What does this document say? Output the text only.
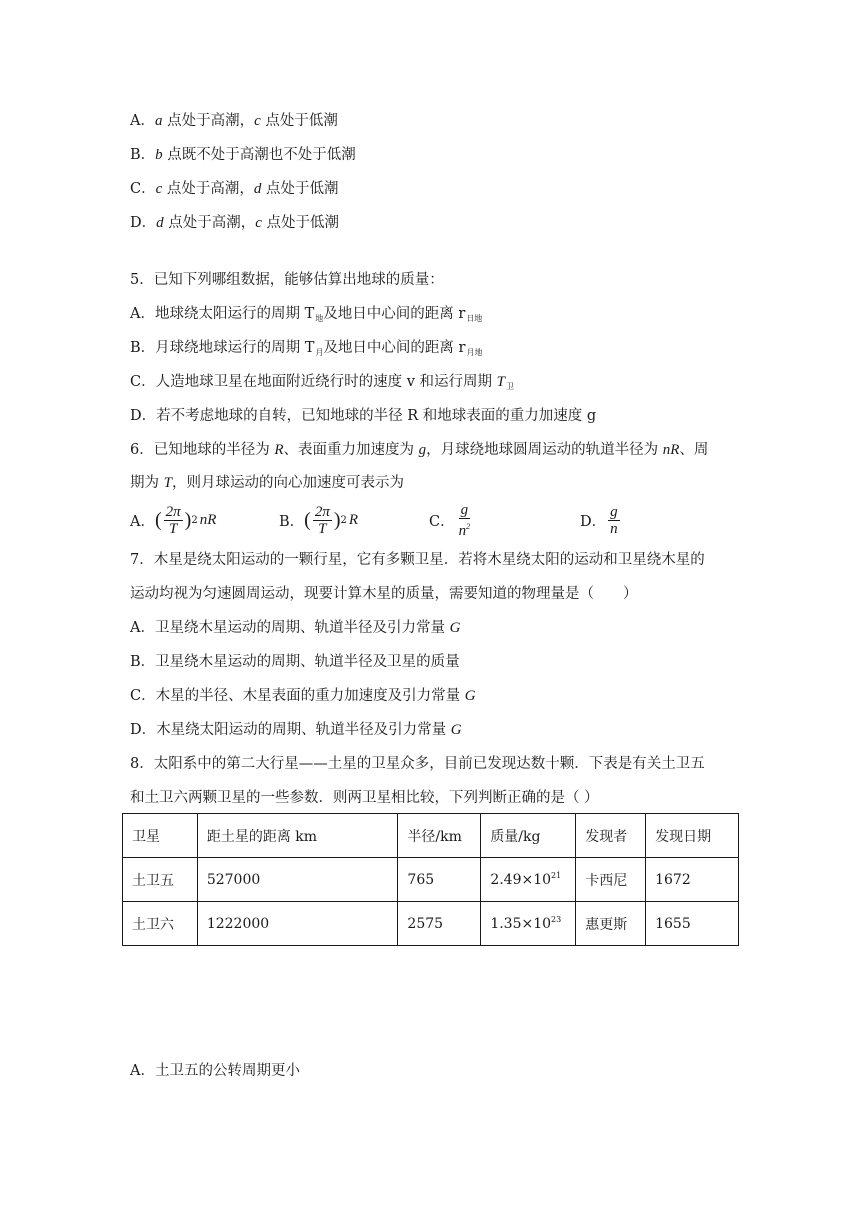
A．a 点处于高潮，c 点处于低潮
B．b 点既不处于高潮也不处于低潮
C．c 点处于高潮，d 点处于低潮
D．d 点处于高潮，c 点处于低潮
5．已知下列哪组数据，能够估算出地球的质量：
A．地球绕太阳运行的周期 $T_地$及地日中心间的距离 $r_{日地}$
B．月球绕地球运行的周期 $T_月$及地日中心间的距离 $r_{月地}$
C．人造地球卫星在地面附近绕行时的速度 v 和运行周期 $T_卫$
D．若不考虑地球的自转，已知地球的半径 R 和地球表面的重力加速度 g
6．已知地球的半径为 R、表面重力加速度为 g，月球绕地球圆周运动的轨道半径为 nR、周
期为 T，则月球运动的向心加速度可表示为
A． ( $\frac{2\pi}{T}$ ) 2 nR	B． ( $\frac{2\pi}{T}$ ) 2 R	C． $\frac{g}{n^2}$	D． $\frac{g}{n}$
7．木星是绕太阳运动的一颗行星，它有多颗卫星．若将木星绕太阳的运动和卫星绕木星的
运动均视为匀速圆周运动，现要计算木星的质量，需要知道的物理量是（　　）
A．卫星绕木星运动的周期、轨道半径及引力常量 G
B．卫星绕木星运动的周期、轨道半径及卫星的质量
C．木星的半径、木星表面的重力加速度及引力常量 G
D．木星绕太阳运动的周期、轨道半径及引力常量 G
8．太阳系中的第二大行星——土星的卫星众多，目前已发现达数十颗．下表是有关土卫五
和土卫六两颗卫星的一些参数．则两卫星相比较，下列判断正确的是（ ）
卫星	距土星的距离 km	半径/km	质量/kg	发现者	发现日期
土卫五	527000	765	$2.49\times 10^{21}$	卡西尼	1672
土卫六	1222000	2575	$1.35\times 10^{23}$	惠更斯	1655
A．土卫五的公转周期更小
